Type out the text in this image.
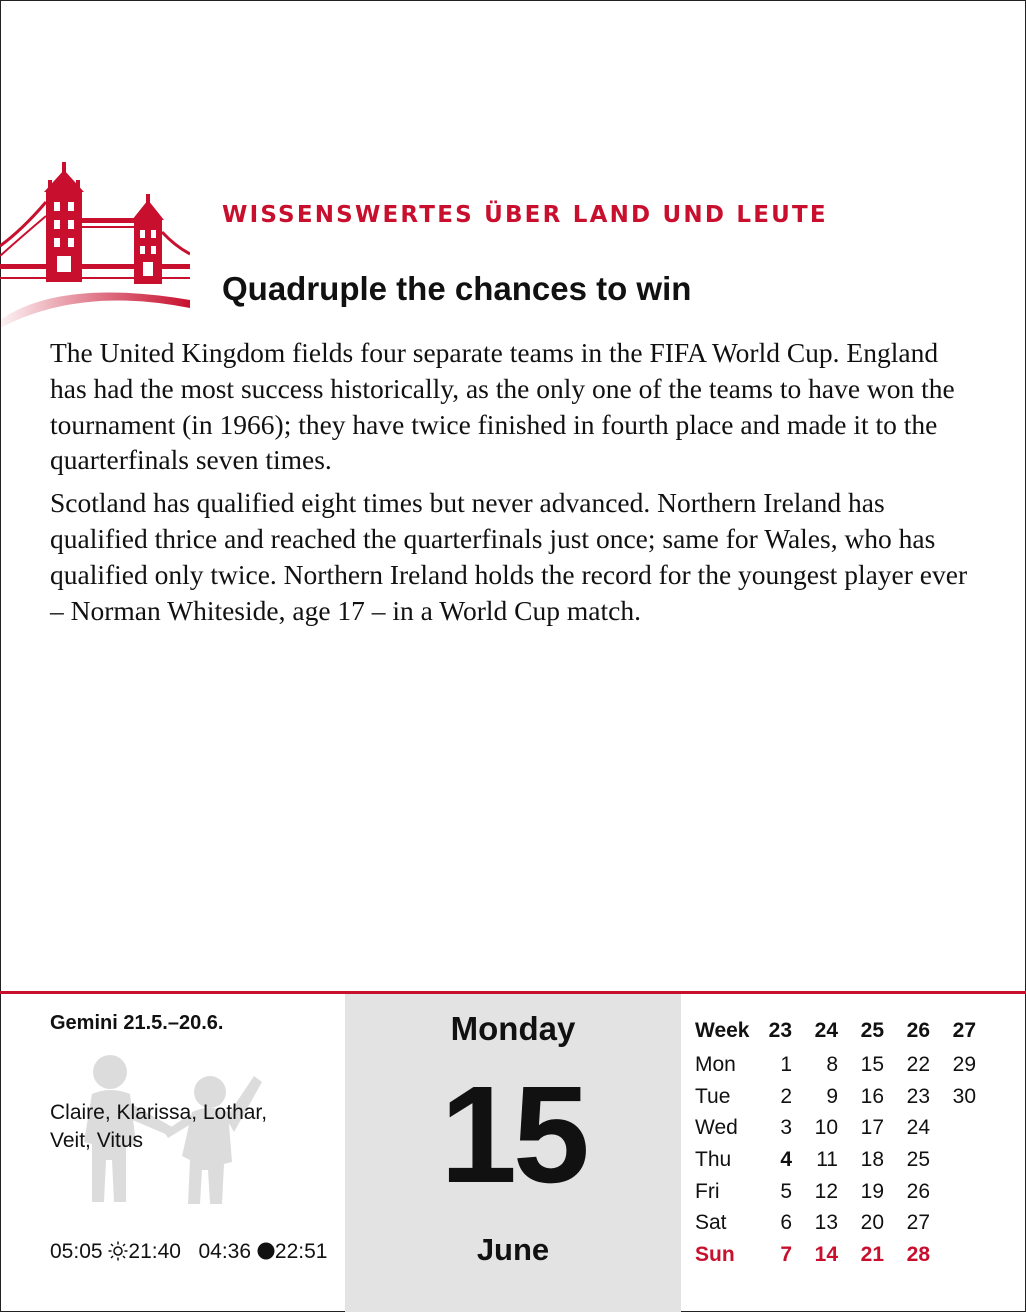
WISSENSWERTES ÜBER LAND UND LEUTE
Quadruple the chances to win

The United Kingdom fields four separate teams in the FIFA World Cup. England has had the most success historically, as the only one of the teams to have won the tournament (in 1966); they have twice finished in fourth place and made it to the quarterfinals seven times.

Scotland has qualified eight times but never advanced. Northern Ireland has qualified thrice and reached the quarterfinals just once; same for Wales, who has qualified only twice. Northern Ireland holds the record for the youngest player ever – Norman Whiteside, age 17 – in a World Cup match.

Gemini 21.5.–20.6.
Claire, Klarissa, Lothar,
Veit, Vitus
05:05 21:40 04:36 22:51
Monday
15
June
Week	23	24	25	26	27
Mon	1	8	15	22	29
Tue	2	9	16	23	30
Wed	3	10	17	24	
Thu	4	11	18	25	
Fri	5	12	19	26	
Sat	6	13	20	27	
Sun	7	14	21	28	
